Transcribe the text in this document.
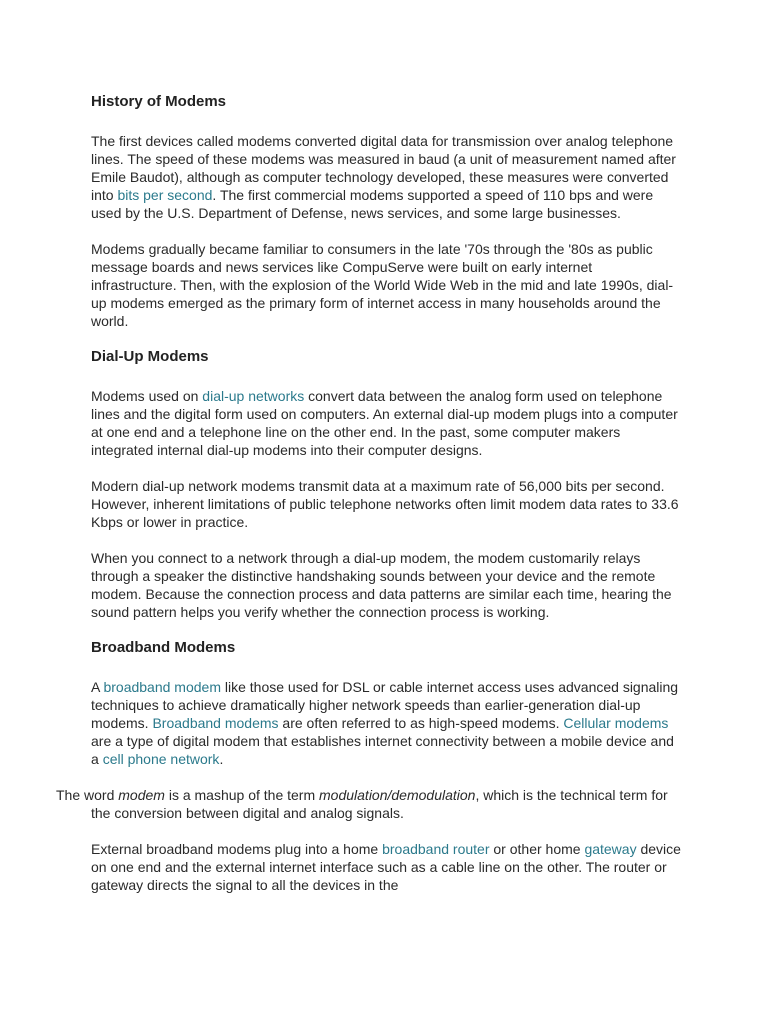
History of Modems

The first devices called modems converted digital data for transmission over analog telephone lines. The speed of these modems was measured in baud (a unit of measurement named after Emile Baudot), although as computer technology developed, these measures were converted into bits per second. The first commercial modems supported a speed of 110 bps and were used by the U.S. Department of Defense, news services, and some large businesses.

Modems gradually became familiar to consumers in the late '70s through the '80s as public message boards and news services like CompuServe were built on early internet infrastructure. Then, with the explosion of the World Wide Web in the mid and late 1990s, dial-up modems emerged as the primary form of internet access in many households around the world.

Dial-Up Modems

Modems used on dial-up networks convert data between the analog form used on telephone lines and the digital form used on computers. An external dial-up modem plugs into a computer at one end and a telephone line on the other end. In the past, some computer makers integrated internal dial-up modems into their computer designs.

Modern dial-up network modems transmit data at a maximum rate of 56,000 bits per second. However, inherent limitations of public telephone networks often limit modem data rates to 33.6 Kbps or lower in practice.

When you connect to a network through a dial-up modem, the modem customarily relays through a speaker the distinctive handshaking sounds between your device and the remote modem. Because the connection process and data patterns are similar each time, hearing the sound pattern helps you verify whether the connection process is working.

Broadband Modems

A broadband modem like those used for DSL or cable internet access uses advanced signaling techniques to achieve dramatically higher network speeds than earlier-generation dial-up modems. Broadband modems are often referred to as high-speed modems. Cellular modems are a type of digital modem that establishes internet connectivity between a mobile device and a cell phone network.

The word modem is a mashup of the term modulation/demodulation, which is the technical term for the conversion between digital and analog signals.

External broadband modems plug into a home broadband router or other home gateway device on one end and the external internet interface such as a cable line on the other. The router or gateway directs the signal to all the devices in the
